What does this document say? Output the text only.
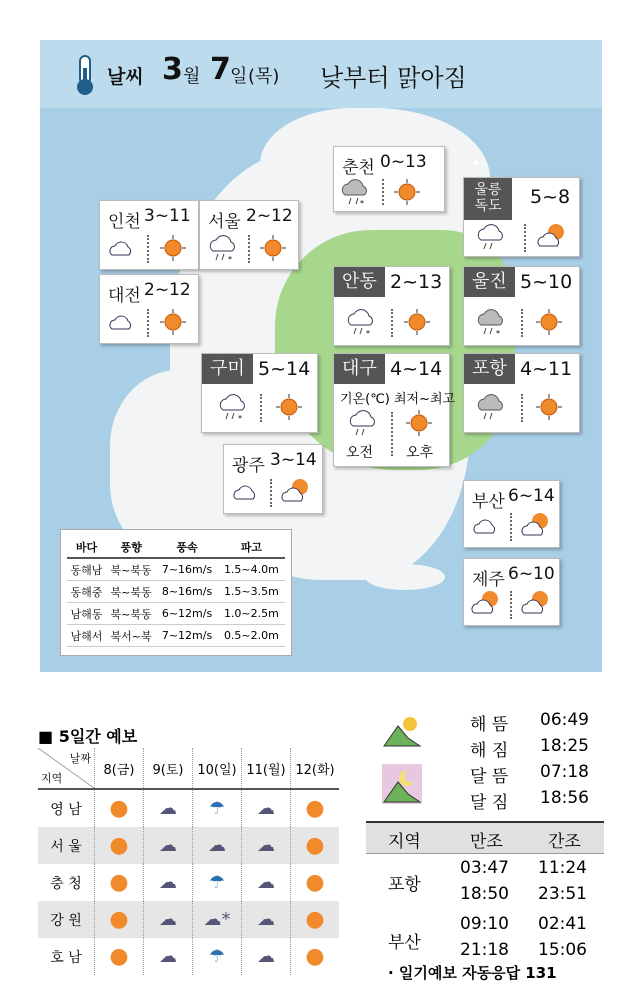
날씨 3 월 7 일 (목) 낮부터 맑아짐
춘천 0~13
*
인천 3~11 서울 2~12
*
울릉
독도 5~8
대전 2~12	안동 2~13
*
울진 5~10
*
구미 5~14
*
대구 4~14
기온(℃) 최저~최고
오전 오후
포항 4~11
광주 3~14
부산 6~14
제주 6~10
바다	풍향	풍속	파고
동해남	북~북동	7~16m/s	1.5~4.0m
동해중	북~북동	8~16m/s	1.5~3.5m
남해동	북~북동	6~12m/s	1.0~2.5m
남해서	북서~북	7~12m/s	0.5~2.0m
■ 5일간 예보
날짜
지역	8(금)	9(토)	10(일)	11(월)	12(화)
영 남	●	☁	☂	☁	●
서 울	●	☁	☁	☁	●
충 청	●	☁	☂	☁	●
강 원	●	☁	☁*	☁	●
호 남	●	☁	☂	☁	●
해 뜸 06:49
해 짐 18:25
달 뜸 07:18
달 짐 18:56
지역	만조	간조
포항
03:47 11:24
18:50 23:51
부산
09:10 02:41
21:18 15:06
· 일기예보 자동응답 131
